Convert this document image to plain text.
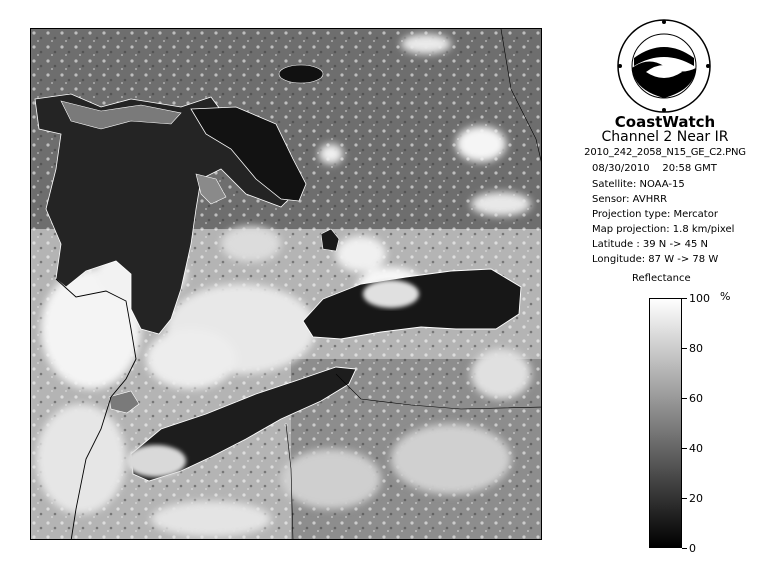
CoastWatch
Channel 2 Near IR
2010_242_2058_N15_GE_C2.PNG
08/30/2010 20:58 GMT
Satellite: NOAA-15
Sensor: AVHRR
Projection type: Mercator
Map projection: 1.8 km/pixel
Latitude : 39 N -> 45 N
Longitude: 87 W -> 78 W
Reflectance
%
0
20
40
60
80
100
